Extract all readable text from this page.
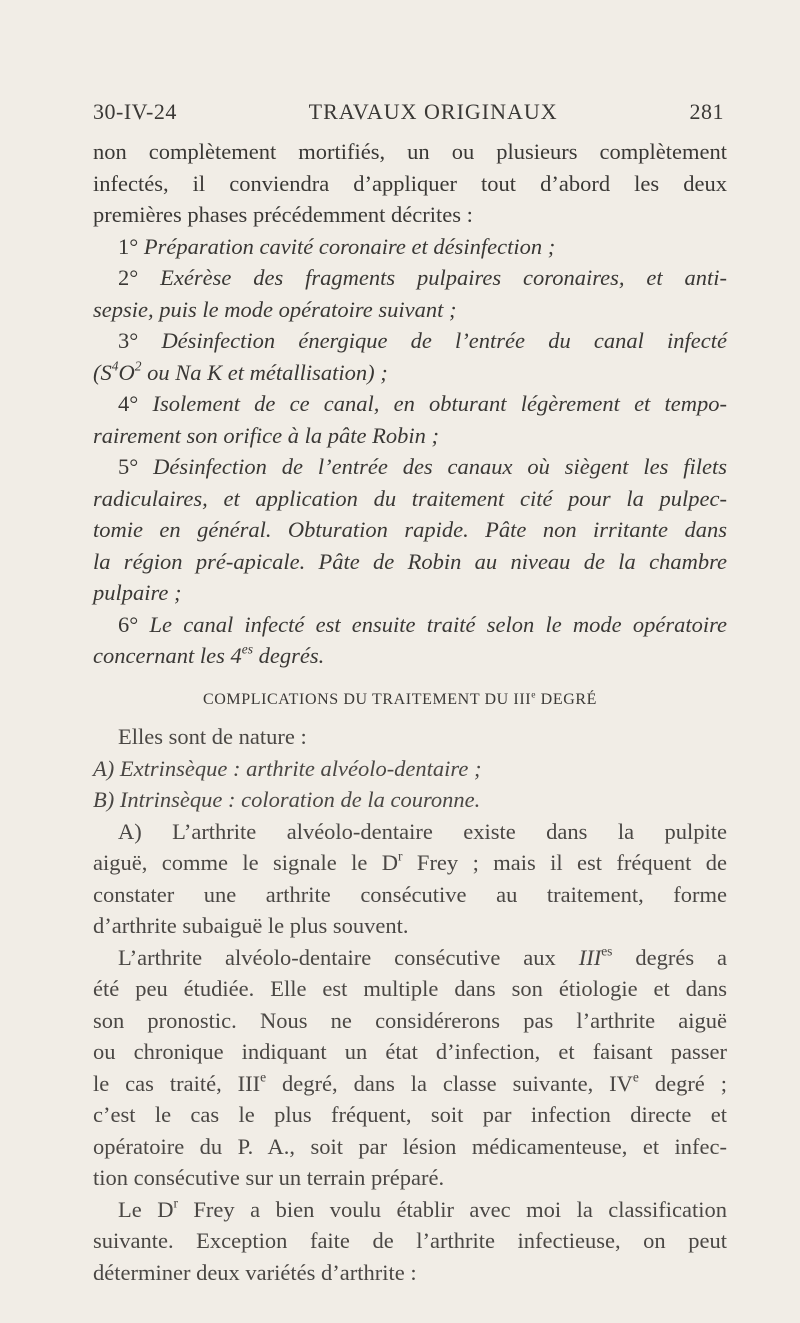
30-IV-24	TRAVAUX ORIGINAUX	281
non complètement mortifiés, un ou plusieurs complètement
infectés, il conviendra d’appliquer tout d’abord les deux
premières phases précédemment décrites :
1° Préparation cavité coronaire et désinfection ;
2° Exérèse des fragments pulpaires coronaires, et anti-
sepsie, puis le mode opératoire suivant ;
3° Désinfection énergique de l’entrée du canal infecté
($S^4O^2$ ou Na K et métallisation) ;
4° Isolement de ce canal, en obturant légèrement et tempo-
rairement son orifice à la pâte Robin ;
5° Désinfection de l’entrée des canaux où siègent les filets
radiculaires, et application du traitement cité pour la pulpec-
tomie en général. Obturation rapide. Pâte non irritante dans
la région pré-apicale. Pâte de Robin au niveau de la chambre
pulpaire ;
6° Le canal infecté est ensuite traité selon le mode opératoire
concernant les $4^{es}$ degrés.
COMPLICATIONS DU TRAITEMENT DU IIIe DEGRÉ
Elles sont de nature :
A) Extrinsèque : arthrite alvéolo-dentaire ;
B) Intrinsèque : coloration de la couronne.
A) L’arthrite alvéolo-dentaire existe dans la pulpite
aiguë, comme le signale le $D^r$ Frey ; mais il est fréquent de
constater une arthrite consécutive au traitement, forme
d’arthrite subaiguë le plus souvent.
L’arthrite alvéolo-dentaire consécutive aux $III^{es}$ degrés a
été peu étudiée. Elle est multiple dans son étiologie et dans
son pronostic. Nous ne considérerons pas l’arthrite aiguë
ou chronique indiquant un état d’infection, et faisant passer
le cas traité, IIIe degré, dans la classe suivante, IVe degré ;
c’est le cas le plus fréquent, soit par infection directe et
opératoire du P. A., soit par lésion médicamenteuse, et infec-
tion consécutive sur un terrain préparé.
Le $D^r$ Frey a bien voulu établir avec moi la classification
suivante. Exception faite de l’arthrite infectieuse, on peut
déterminer deux variétés d’arthrite :
